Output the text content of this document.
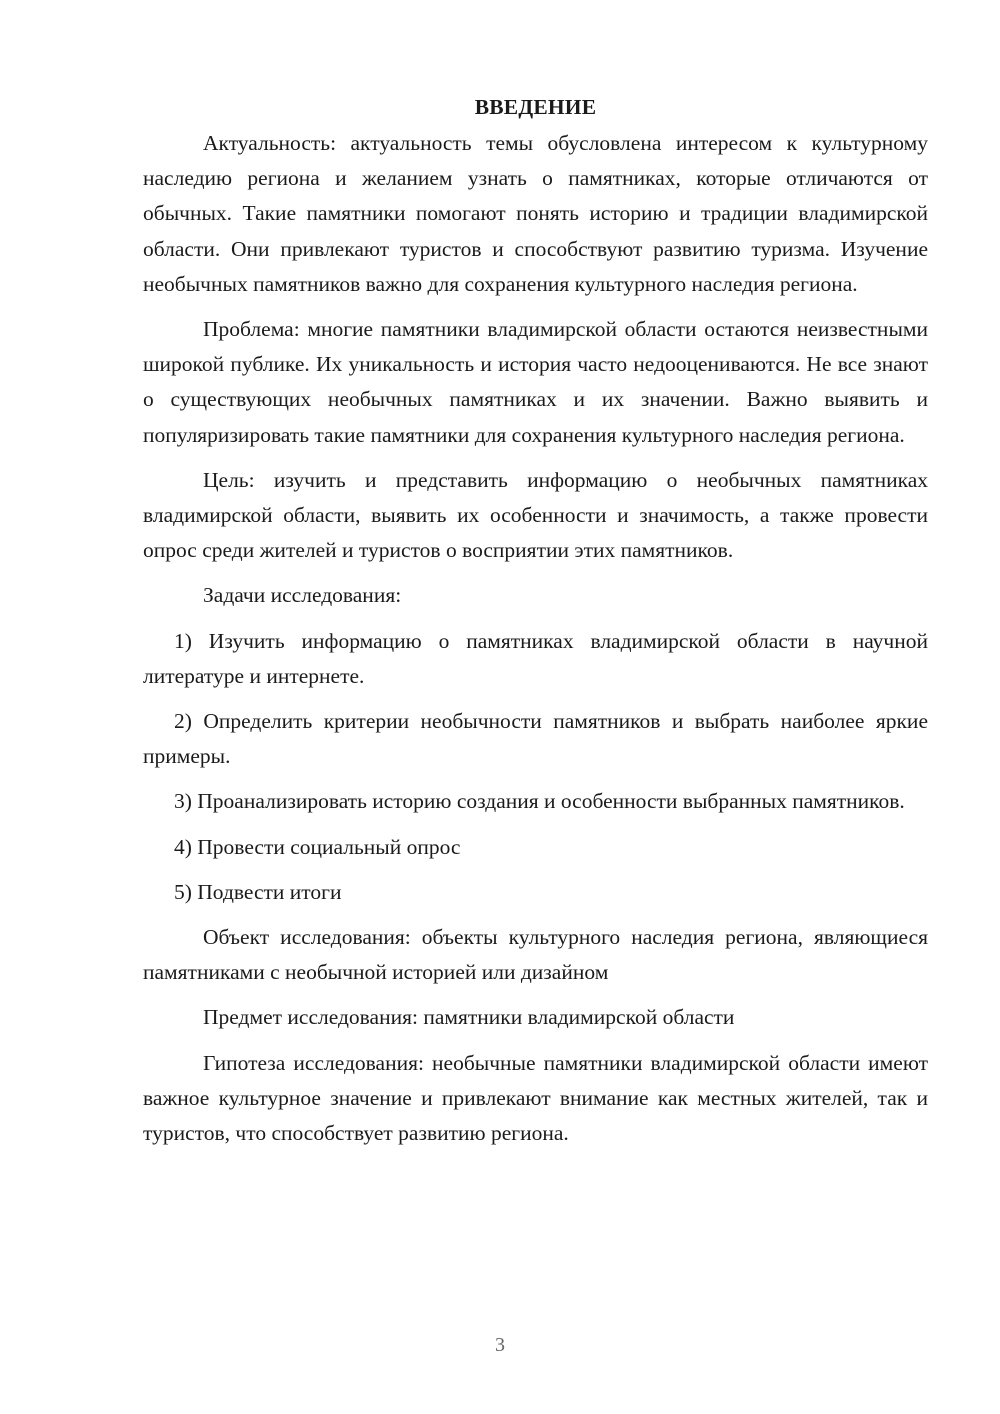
ВВЕДЕНИЕ

Актуальность: актуальность темы обусловлена интересом к культурному наследию региона и желанием узнать о памятниках, которые отличаются от обычных. Такие памятники помогают понять историю и традиции владимирской области. Они привлекают туристов и способствуют развитию туризма. Изучение необычных памятников важно для сохранения культурного наследия региона.

Проблема: многие памятники владимирской области остаются неизвестными широкой публике. Их уникальность и история часто недооцениваются. Не все знают о существующих необычных памятниках и их значении. Важно выявить и популяризировать такие памятники для сохранения культурного наследия региона.

Цель: изучить и представить информацию о необычных памятниках владимирской области, выявить их особенности и значимость, а также провести опрос среди жителей и туристов о восприятии этих памятников.

Задачи исследования:

1) Изучить информацию о памятниках владимирской области в научной литературе и интернете.

2) Определить критерии необычности памятников и выбрать наиболее яркие примеры.

3) Проанализировать историю создания и особенности выбранных памятников.

4) Провести социальный опрос

5) Подвести итоги

Объект исследования: объекты культурного наследия региона, являющиеся памятниками с необычной историей или дизайном

Предмет исследования: памятники владимирской области

Гипотеза исследования: необычные памятники владимирской области имеют важное культурное значение и привлекают внимание как местных жителей, так и туристов, что способствует развитию региона.

3
